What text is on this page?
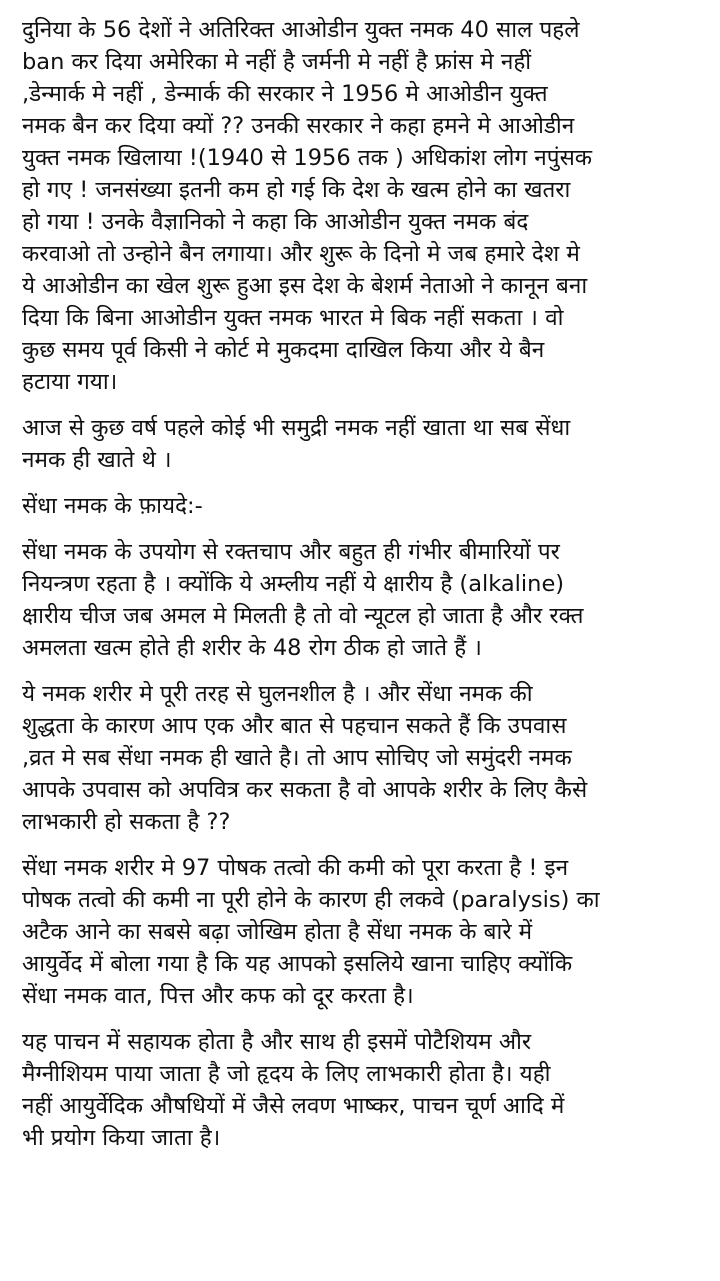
दुनिया के 56 देशों ने अतिरिक्त आओडीन युक्त नमक 40 साल पहले
ban कर दिया अमेरिका मे नहीं है जर्मनी मे नहीं है फ्रांस मे नहीं
,डेन्मार्क मे नहीं , डेन्मार्क की सरकार ने 1956 मे आओडीन युक्त
नमक बैन कर दिया क्यों ?? उनकी सरकार ने कहा हमने मे आओडीन
युक्त नमक खिलाया !(1940 से 1956 तक ) अधिकांश लोग नपुंसक
हो गए ! जनसंख्या इतनी कम हो गई कि देश के खत्म होने का खतरा
हो गया ! उनके वैज्ञानिको ने कहा कि आओडीन युक्त नमक बंद
करवाओ तो उन्होने बैन लगाया। और शुरू के दिनो मे जब हमारे देश मे
ये आओडीन का खेल शुरू हुआ इस देश के बेशर्म नेताओ ने कानून बना
दिया कि बिना आओडीन युक्त नमक भारत मे बिक नहीं सकता । वो
कुछ समय पूर्व किसी ने कोर्ट मे मुकदमा दाखिल किया और ये बैन
हटाया गया।

आज से कुछ वर्ष पहले कोई भी समुद्री नमक नहीं खाता था सब सेंधा
नमक ही खाते थे ।

सेंधा नमक के फ़ायदे:-

सेंधा नमक के उपयोग से रक्तचाप और बहुत ही गंभीर बीमारियों पर
नियन्त्रण रहता है । क्योंकि ये अम्लीय नहीं ये क्षारीय है (alkaline)
क्षारीय चीज जब अमल मे मिलती है तो वो न्यूटल हो जाता है और रक्त
अमलता खत्म होते ही शरीर के 48 रोग ठीक हो जाते हैं ।

ये नमक शरीर मे पूरी तरह से घुलनशील है । और सेंधा नमक की
शुद्धता के कारण आप एक और बात से पहचान सकते हैं कि उपवास
,व्रत मे सब सेंधा नमक ही खाते है। तो आप सोचिए जो समुंदरी नमक
आपके उपवास को अपवित्र कर सकता है वो आपके शरीर के लिए कैसे
लाभकारी हो सकता है ??

सेंधा नमक शरीर मे 97 पोषक तत्वो की कमी को पूरा करता है ! इन
पोषक तत्वो की कमी ना पूरी होने के कारण ही लकवे (paralysis) का
अटैक आने का सबसे बढ़ा जोखिम होता है सेंधा नमक के बारे में
आयुर्वेद में बोला गया है कि यह आपको इसलिये खाना चाहिए क्योंकि
सेंधा नमक वात, पित्त और कफ को दूर करता है।

यह पाचन में सहायक होता है और साथ ही इसमें पोटैशियम और
मैग्नीशियम पाया जाता है जो हृदय के लिए लाभकारी होता है। यही
नहीं आयुर्वेदिक औषधियों में जैसे लवण भाष्कर, पाचन चूर्ण आदि में
भी प्रयोग किया जाता है।
